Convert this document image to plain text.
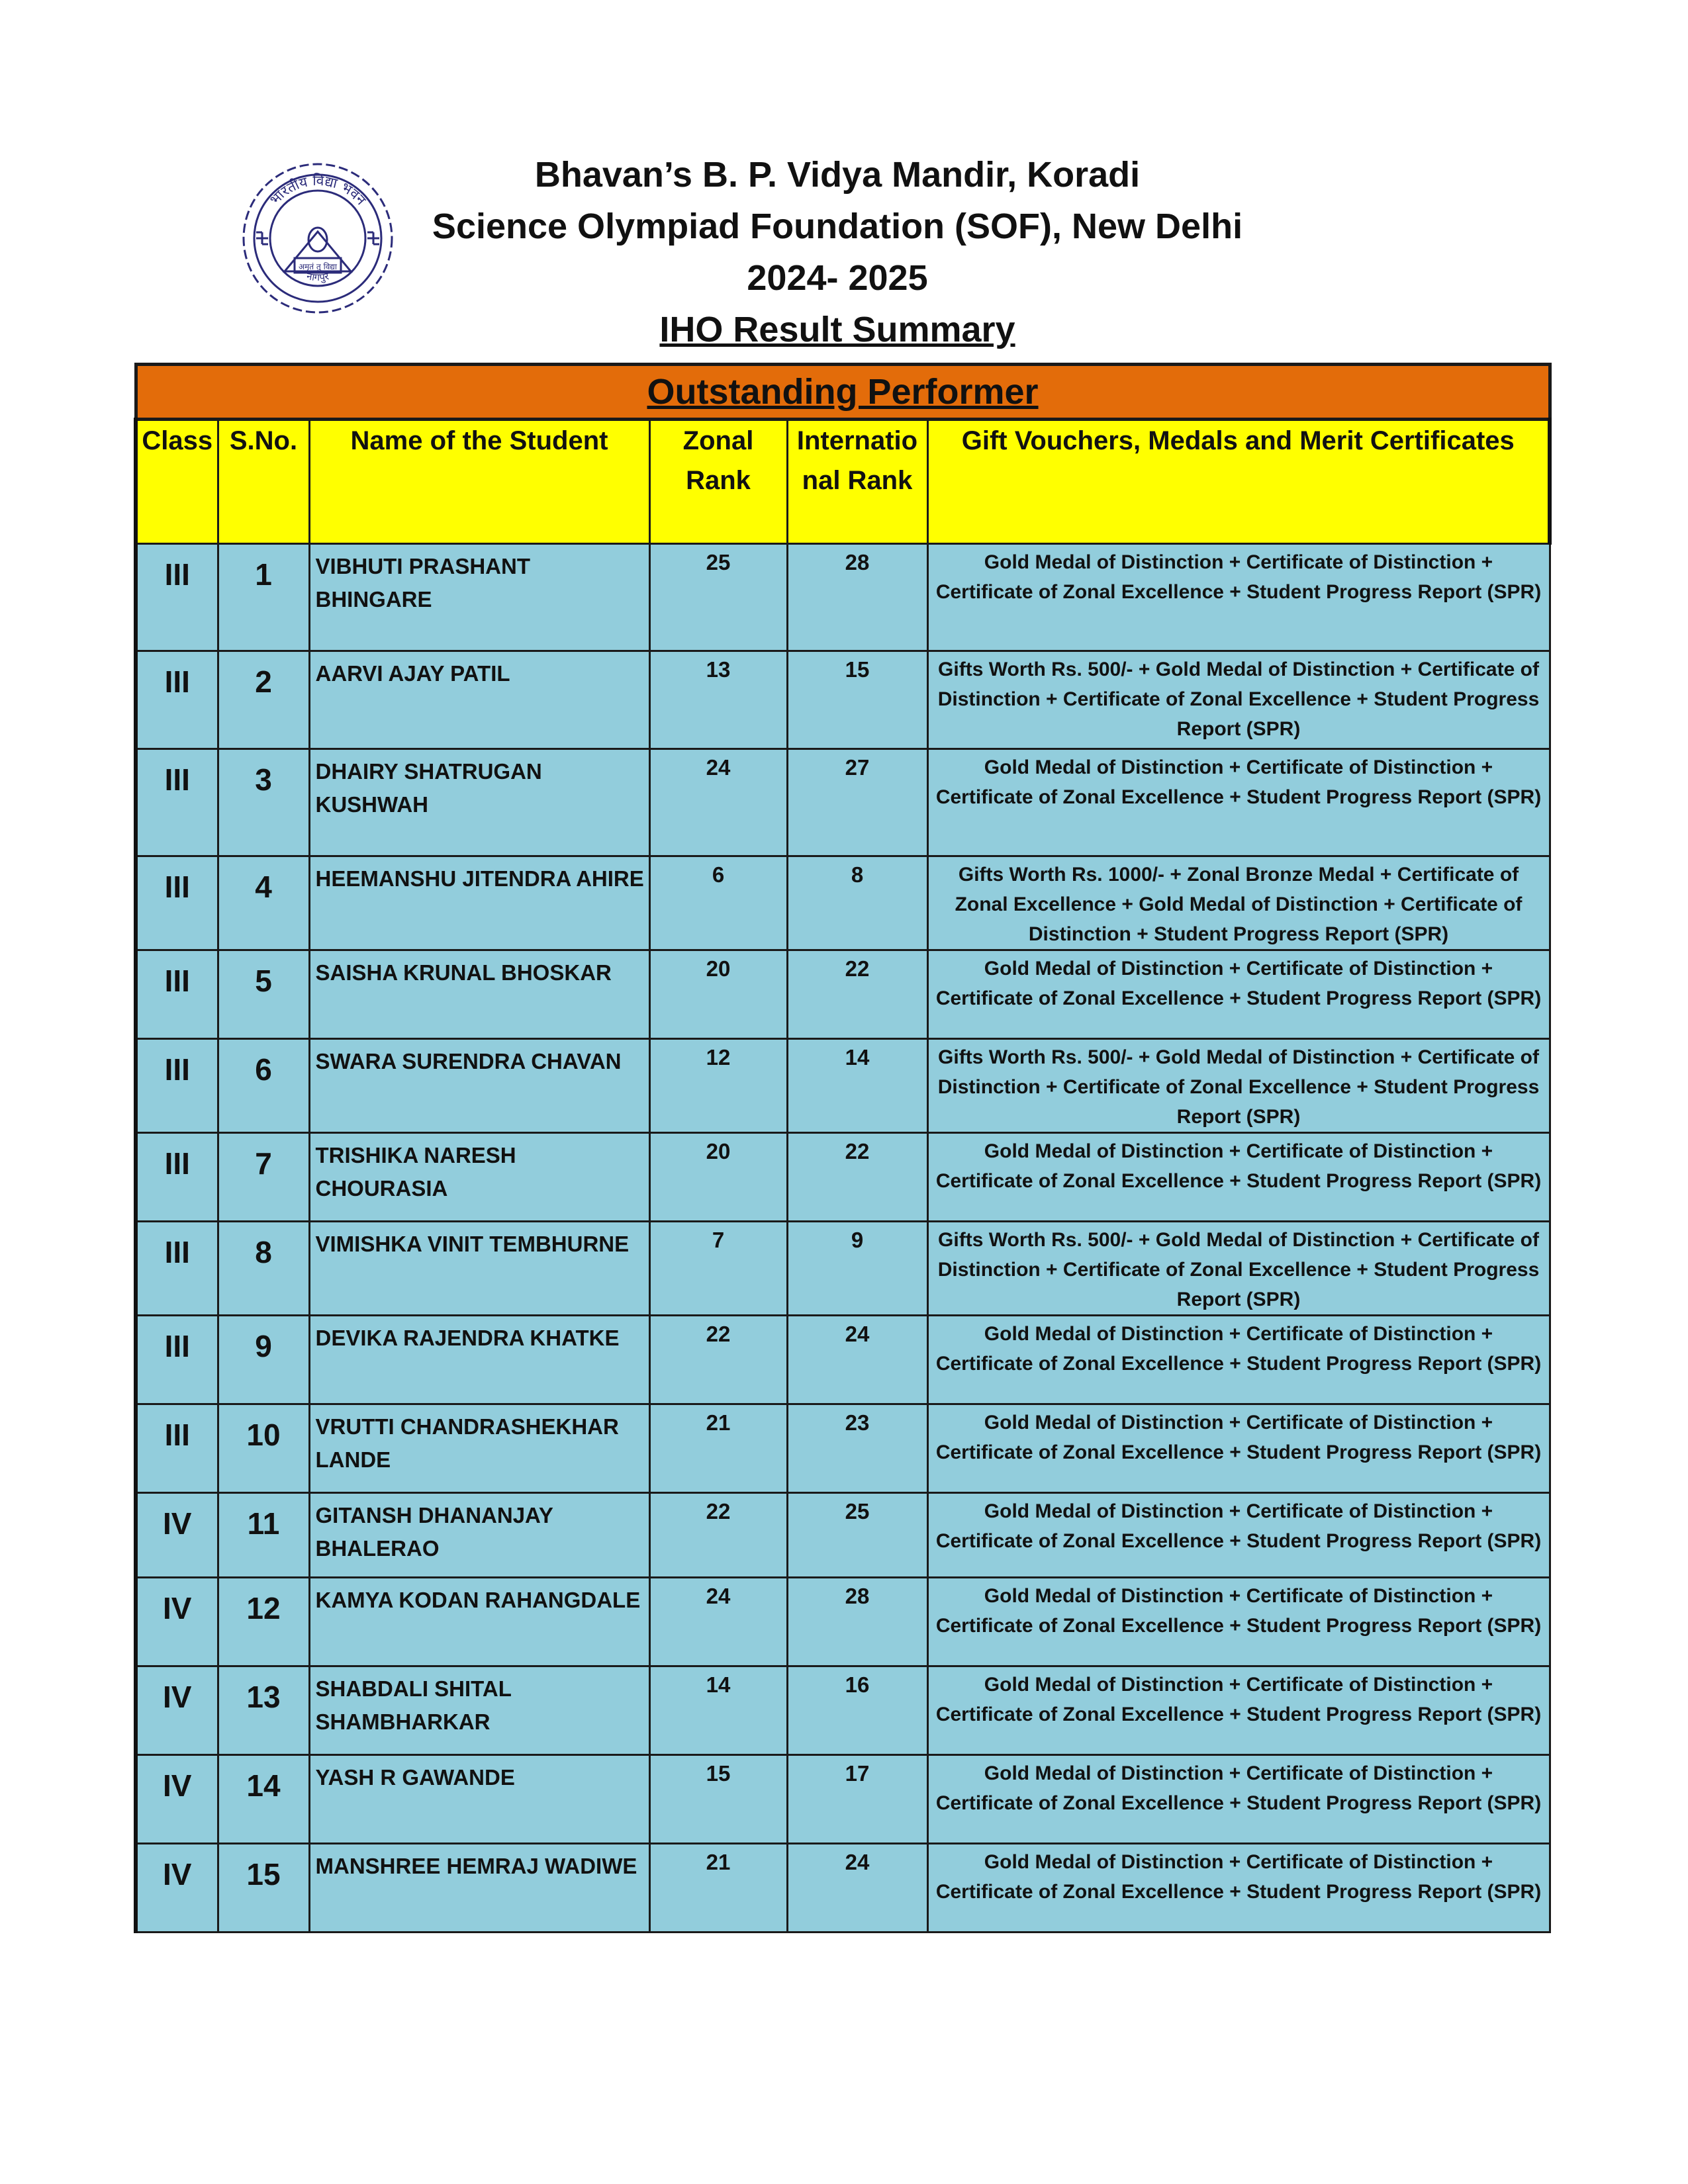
भारतीय विद्या भवन
नागपुर
अमृतं तु विद्या
Bhavan’s B. P. Vidya Mandir, Koradi
Science Olympiad Foundation (SOF), New Delhi
2024- 2025
IHO Result Summary
Outstanding Performer					
Class	S.No.	Name of the Student	Zonal Rank	Internatio nal Rank	Gift Vouchers, Medals and Merit Certificates
III	1	VIBHUTI PRASHANT BHINGARE	25	28	Gold Medal of Distinction + Certificate of Distinction + Certificate of Zonal Excellence + Student Progress Report (SPR)
III	2	AARVI AJAY PATIL	13	15	Gifts Worth Rs. 500/- + Gold Medal of Distinction + Certificate of Distinction + Certificate of Zonal Excellence + Student Progress Report (SPR)
III	3	DHAIRY SHATRUGAN KUSHWAH	24	27	Gold Medal of Distinction + Certificate of Distinction + Certificate of Zonal Excellence + Student Progress Report (SPR)
III	4	HEEMANSHU JITENDRA AHIRE	6	8	Gifts Worth Rs. 1000/- + Zonal Bronze Medal + Certificate of Zonal Excellence + Gold Medal of Distinction + Certificate of Distinction + Student Progress Report (SPR)
III	5	SAISHA KRUNAL BHOSKAR	20	22	Gold Medal of Distinction + Certificate of Distinction + Certificate of Zonal Excellence + Student Progress Report (SPR)
III	6	SWARA SURENDRA CHAVAN	12	14	Gifts Worth Rs. 500/- + Gold Medal of Distinction + Certificate of Distinction + Certificate of Zonal Excellence + Student Progress Report (SPR)
III	7	TRISHIKA NARESH CHOURASIA	20	22	Gold Medal of Distinction + Certificate of Distinction + Certificate of Zonal Excellence + Student Progress Report (SPR)
III	8	VIMISHKA VINIT TEMBHURNE	7	9	Gifts Worth Rs. 500/- + Gold Medal of Distinction + Certificate of Distinction + Certificate of Zonal Excellence + Student Progress Report (SPR)
III	9	DEVIKA RAJENDRA KHATKE	22	24	Gold Medal of Distinction + Certificate of Distinction + Certificate of Zonal Excellence + Student Progress Report (SPR)
III	10	VRUTTI CHANDRASHEKHAR LANDE	21	23	Gold Medal of Distinction + Certificate of Distinction + Certificate of Zonal Excellence + Student Progress Report (SPR)
IV	11	GITANSH DHANANJAY BHALERAO	22	25	Gold Medal of Distinction + Certificate of Distinction + Certificate of Zonal Excellence + Student Progress Report (SPR)
IV	12	KAMYA KODAN RAHANGDALE	24	28	Gold Medal of Distinction + Certificate of Distinction + Certificate of Zonal Excellence + Student Progress Report (SPR)
IV	13	SHABDALI SHITAL SHAMBHARKAR	14	16	Gold Medal of Distinction + Certificate of Distinction + Certificate of Zonal Excellence + Student Progress Report (SPR)
IV	14	YASH R GAWANDE	15	17	Gold Medal of Distinction + Certificate of Distinction + Certificate of Zonal Excellence + Student Progress Report (SPR)
IV	15	MANSHREE HEMRAJ WADIWE	21	24	Gold Medal of Distinction + Certificate of Distinction + Certificate of Zonal Excellence + Student Progress Report (SPR)
